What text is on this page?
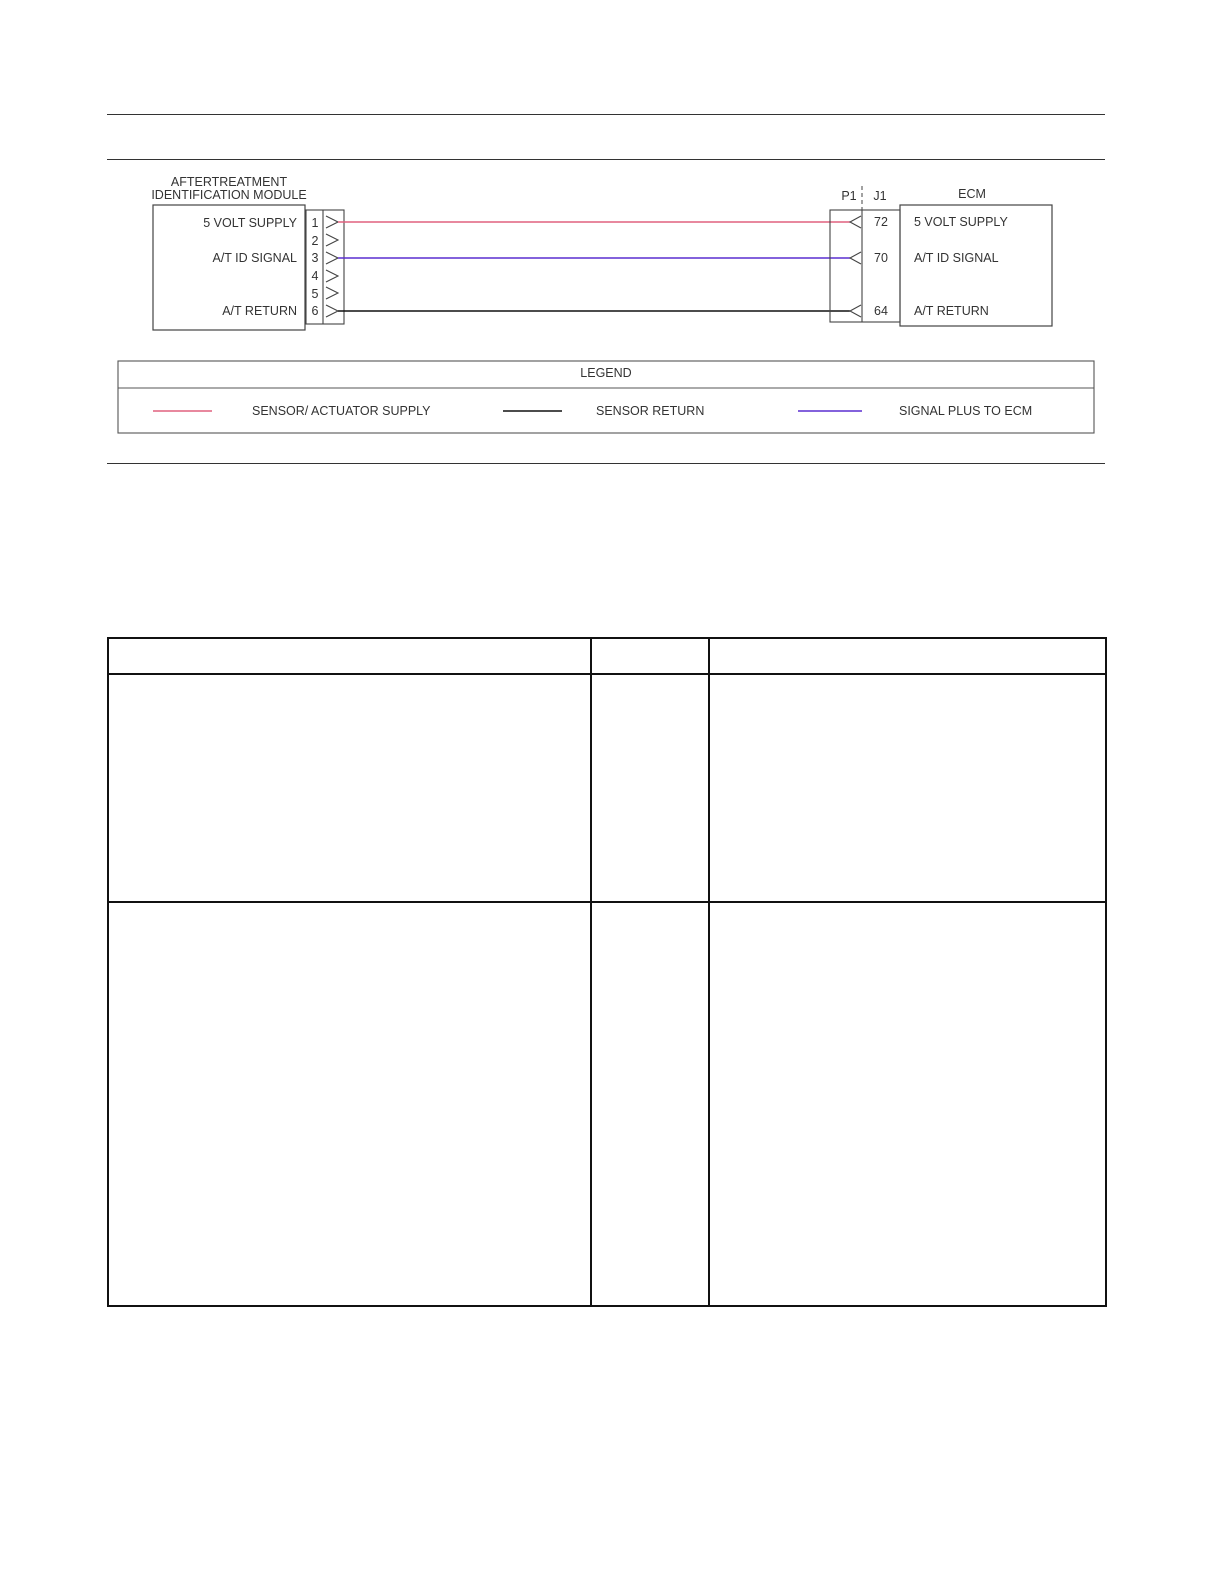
AFTERTREATMENT
IDENTIFICATION MODULE
5 VOLT SUPPLY
A/T ID SIGNAL
A/T RETURN
1
2
3
4
5
6
P1 J1
72
70
64
ECM
5 VOLT SUPPLY
A/T ID SIGNAL
A/T RETURN
LEGEND
SENSOR/ ACTUATOR SUPPLY	SENSOR RETURN	SIGNAL PLUS TO ECM
